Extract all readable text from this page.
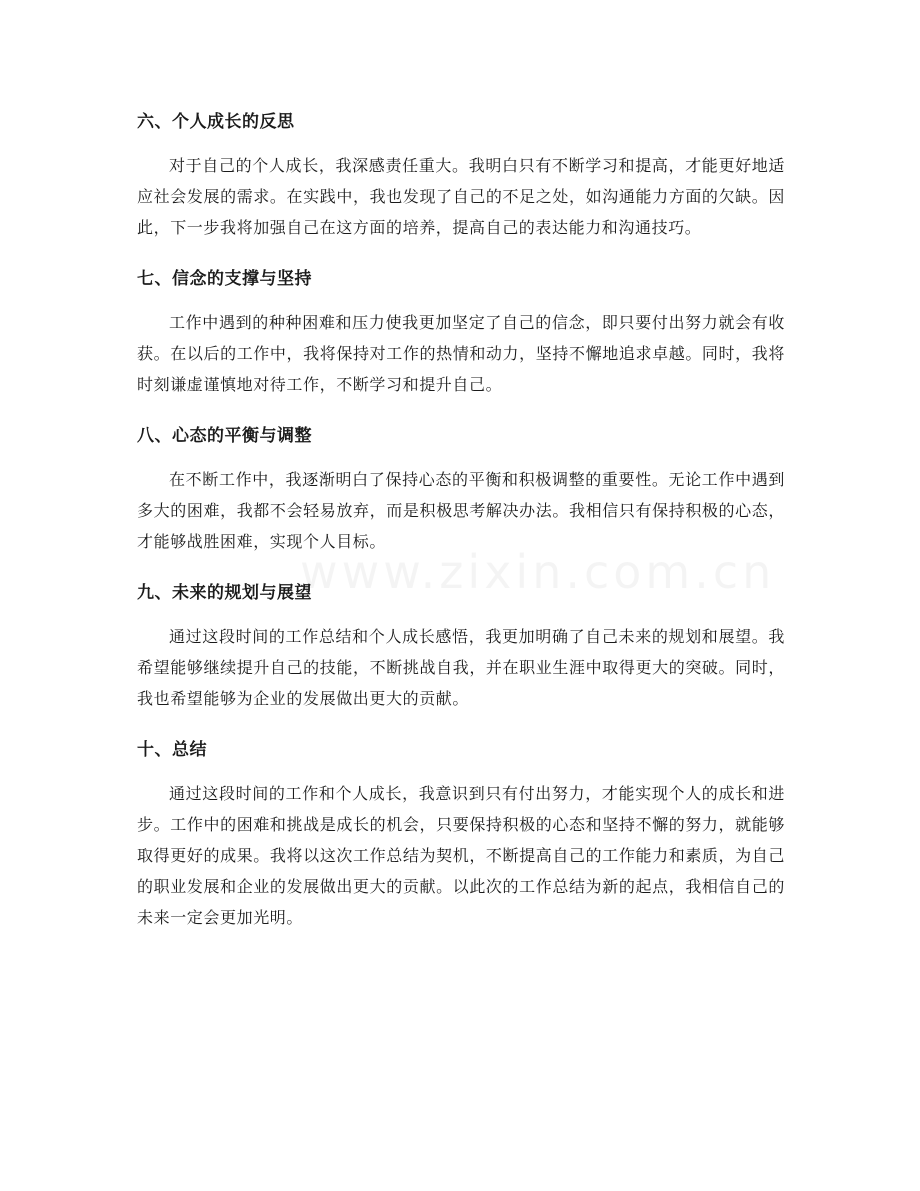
六、个人成长的反思

对于自己的个人成长，我深感责任重大。我明白只有不断学习和提高，才能更好地适应社会发展的需求。在实践中，我也发现了自己的不足之处，如沟通能力方面的欠缺。因此，下一步我将加强自己在这方面的培养，提高自己的表达能力和沟通技巧。

七、信念的支撑与坚持

工作中遇到的种种困难和压力使我更加坚定了自己的信念，即只要付出努力就会有收获。在以后的工作中，我将保持对工作的热情和动力，坚持不懈地追求卓越。同时，我将时刻谦虚谨慎地对待工作，不断学习和提升自己。

八、心态的平衡与调整

在不断工作中，我逐渐明白了保持心态的平衡和积极调整的重要性。无论工作中遇到多大的困难，我都不会轻易放弃，而是积极思考解决办法。我相信只有保持积极的心态，才能够战胜困难，实现个人目标。

九、未来的规划与展望

通过这段时间的工作总结和个人成长感悟，我更加明确了自己未来的规划和展望。我希望能够继续提升自己的技能，不断挑战自我，并在职业生涯中取得更大的突破。同时，我也希望能够为企业的发展做出更大的贡献。

十、总结

通过这段时间的工作和个人成长，我意识到只有付出努力，才能实现个人的成长和进步。工作中的困难和挑战是成长的机会，只要保持积极的心态和坚持不懈的努力，就能够取得更好的成果。我将以这次工作总结为契机，不断提高自己的工作能力和素质，为自己的职业发展和企业的发展做出更大的贡献。以此次的工作总结为新的起点，我相信自己的未来一定会更加光明。
